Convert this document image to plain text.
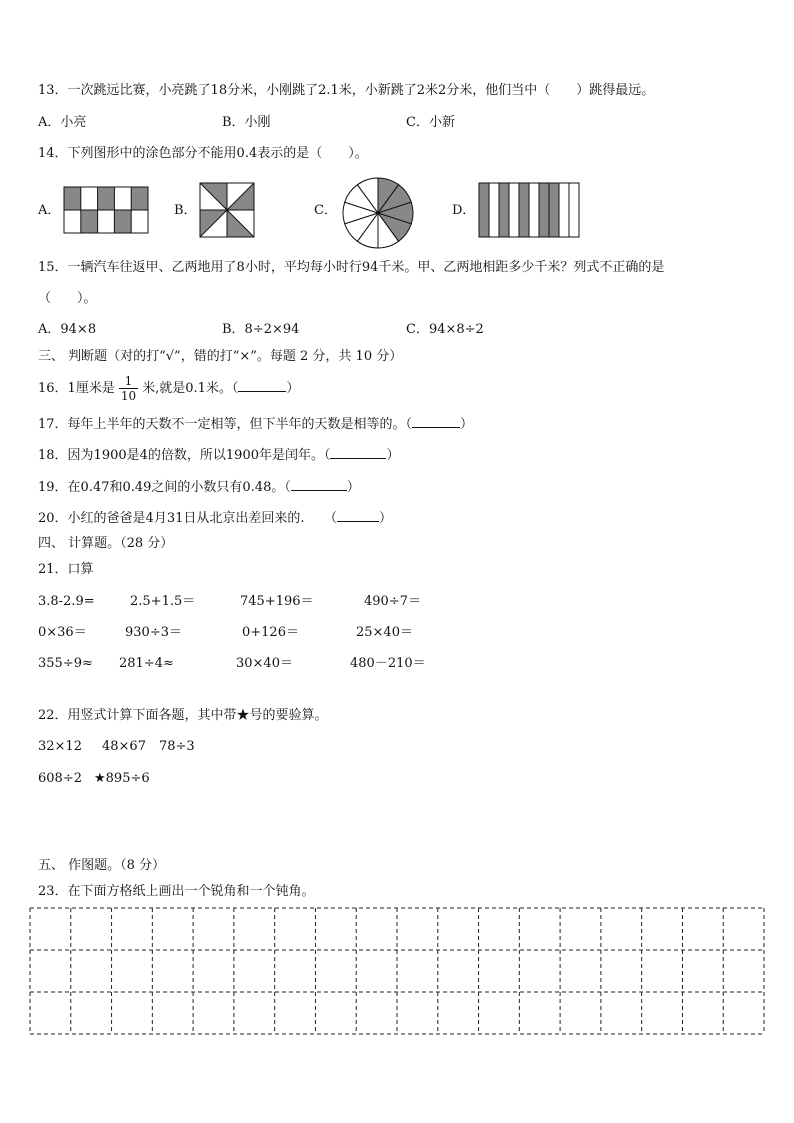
13．一次跳远比赛，小亮跳了18分米，小刚跳了2.1米，小新跳了2米2分米，他们当中（　　）跳得最远。
A．小亮	B．小刚	C．小新
14．下列图形中的涂色部分不能用0.4表示的是（　　）。
A．	B．	C．	D．
15．一辆汽车往返甲、乙两地用了8小时，平均每小时行94千米。甲、乙两地相距多少千米？列式不正确的是
（　　）。
A．94×8	B．8÷2×94	C．94×8÷2
三、 判断题（对的打“√”，错的打“×”。每题 2 分，共 10 分）
16．1厘米是 $\frac{1}{10}$ 米,就是0.1米。（	）
17．每年上半年的天数不一定相等，但下半年的天数是相等的。（	）
18．因为1900是4的倍数，所以1900年是闰年。（	）
19．在0.47和0.49之间的小数只有0.48。（	）
20．小红的爸爸是4月31日从北京出差回来的.　　（	）
四、 计算题。（28 分）
21．口算
3.8-2.9=	2.5+1.5＝	745+196＝	490÷7＝
0×36＝	930÷3＝	0+126＝	25×40＝
355÷9≈ 281÷4≈	30×40＝	480－210＝
22．用竖式计算下面各题，其中带★号的要验算。
32×12 48×67 78÷3
608÷2 ★895÷6
五、 作图题。（8 分）
23．在下面方格纸上画出一个锐角和一个钝角。
